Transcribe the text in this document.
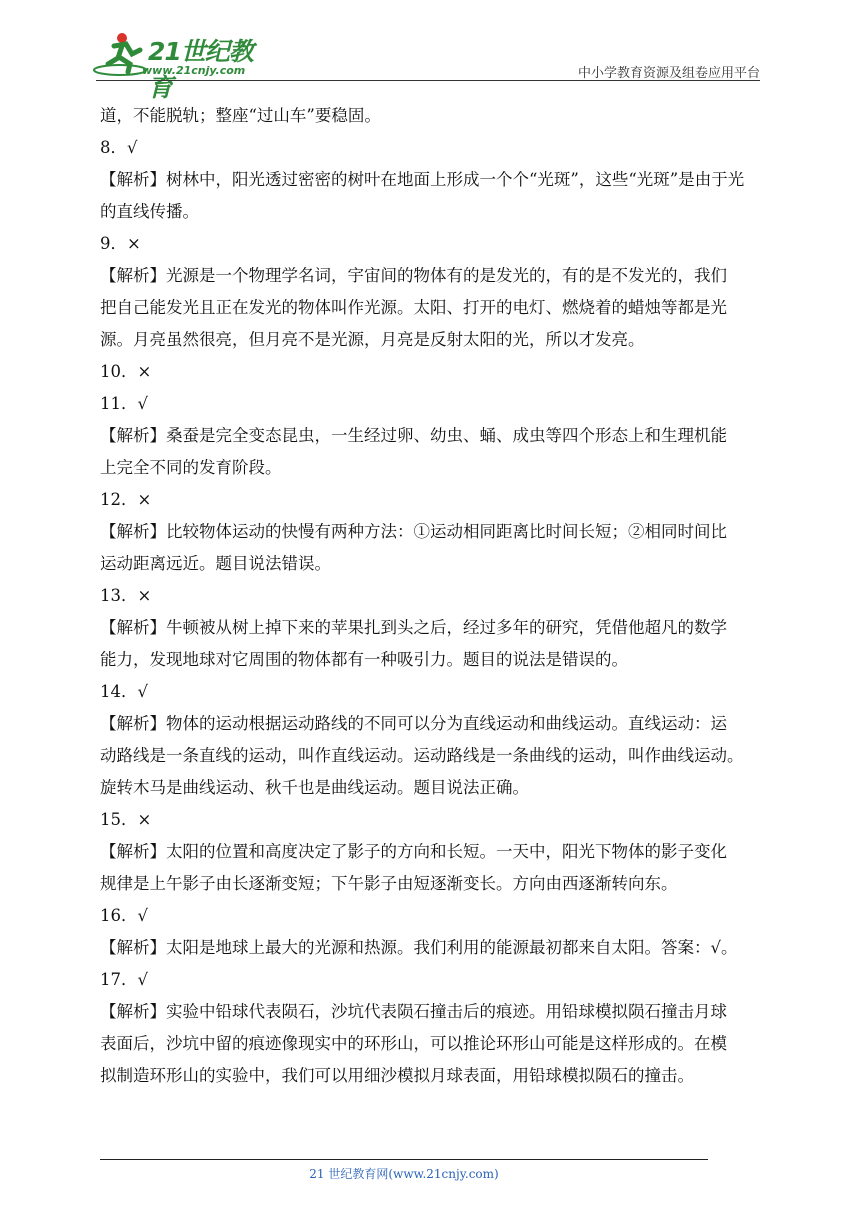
21世纪教育
www.21cnjy.com	中小学教育资源及组卷应用平台
道，不能脱轨；整座“过山车”要稳固。
8．√
【解析】树林中，阳光透过密密的树叶在地面上形成一个个“光斑”，这些“光斑”是由于光
的直线传播。
9．×
【解析】光源是一个物理学名词，宇宙间的物体有的是发光的，有的是不发光的，我们
把自己能发光且正在发光的物体叫作光源。太阳、打开的电灯、燃烧着的蜡烛等都是光
源。月亮虽然很亮，但月亮不是光源，月亮是反射太阳的光，所以才发亮。
10．×
11．√
【解析】桑蚕是完全变态昆虫，一生经过卵、幼虫、蛹、成虫等四个形态上和生理机能
上完全不同的发育阶段。
12．×
【解析】比较物体运动的快慢有两种方法：①运动相同距离比时间长短；②相同时间比
运动距离远近。题目说法错误。
13．×
【解析】牛顿被从树上掉下来的苹果扎到头之后，经过多年的研究，凭借他超凡的数学
能力，发现地球对它周围的物体都有一种吸引力。题目的说法是错误的。
14．√
【解析】物体的运动根据运动路线的不同可以分为直线运动和曲线运动。直线运动：运
动路线是一条直线的运动，叫作直线运动。运动路线是一条曲线的运动，叫作曲线运动。
旋转木马是曲线运动、秋千也是曲线运动。题目说法正确。
15．×
【解析】太阳的位置和高度决定了影子的方向和长短。一天中，阳光下物体的影子变化
规律是上午影子由长逐渐变短；下午影子由短逐渐变长。方向由西逐渐转向东。
16．√
【解析】太阳是地球上最大的光源和热源。我们利用的能源最初都来自太阳。答案：√。
17．√
【解析】实验中铅球代表陨石，沙坑代表陨石撞击后的痕迹。用铅球模拟陨石撞击月球
表面后，沙坑中留的痕迹像现实中的环形山，可以推论环形山可能是这样形成的。在模
拟制造环形山的实验中，我们可以用细沙模拟月球表面，用铅球模拟陨石的撞击。
21 世纪教育网(www.21cnjy.com)
